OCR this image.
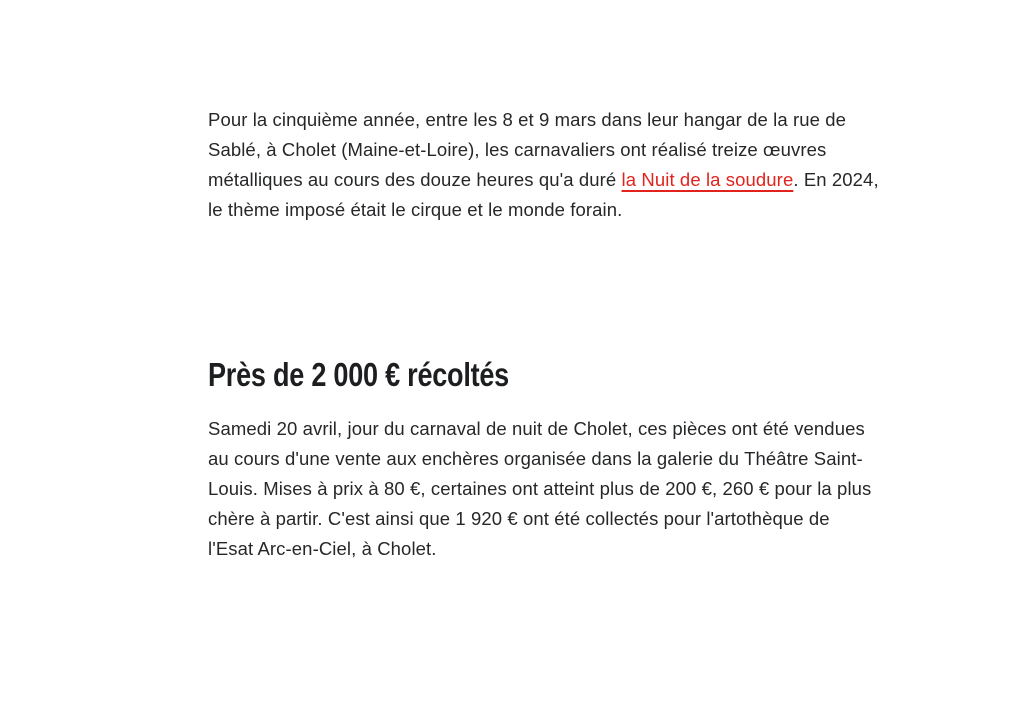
Pour la cinquième année, entre les 8 et 9 mars dans leur hangar de la rue de Sablé, à Cholet (Maine-et-Loire), les carnavaliers ont réalisé treize œuvres métalliques au cours des douze heures qu'a duré la Nuit de la soudure. En 2024, le thème imposé était le cirque et le monde forain.

Près de 2 000 € récoltés

Samedi 20 avril, jour du carnaval de nuit de Cholet, ces pièces ont été vendues au cours d'une vente aux enchères organisée dans la galerie du Théâtre Saint-Louis. Mises à prix à 80 €, certaines ont atteint plus de 200 €, 260 € pour la plus chère à partir. C'est ainsi que 1 920 € ont été collectés pour l'artothèque de l'Esat Arc-en-Ciel, à Cholet.
